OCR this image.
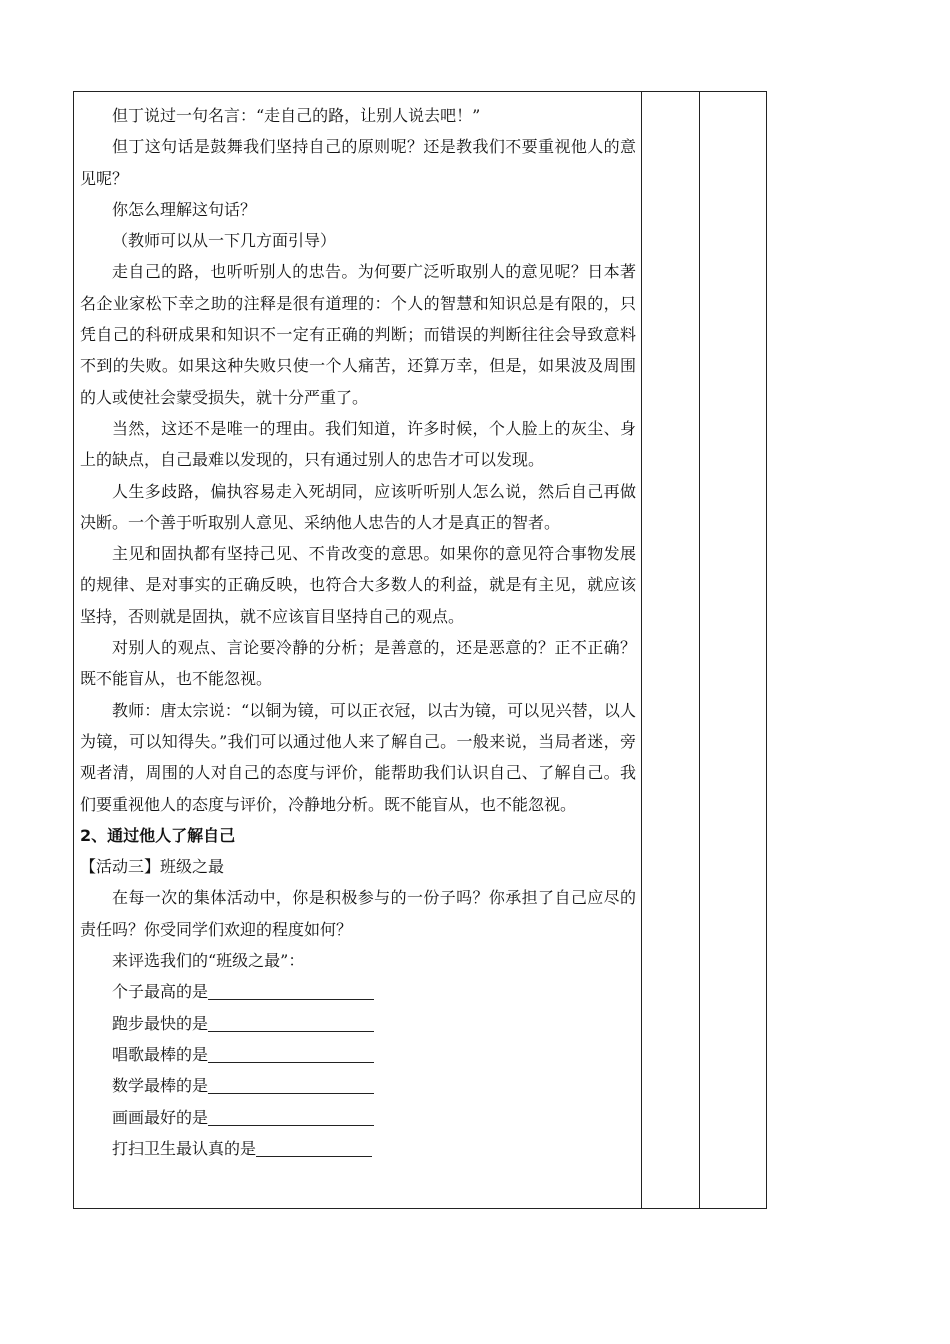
但丁说过一句名言：“走自己的路，让别人说去吧！”

但丁这句话是鼓舞我们坚持自己的原则呢？还是教我们不要重视他人的意见呢？

你怎么理解这句话？

（教师可以从一下几方面引导）

走自己的路，也听听别人的忠告。为何要广泛听取别人的意见呢？日本著名企业家松下幸之助的注释是很有道理的：个人的智慧和知识总是有限的，只凭自己的科研成果和知识不一定有正确的判断；而错误的判断往往会导致意料不到的失败。如果这种失败只使一个人痛苦，还算万幸，但是，如果波及周围的人或使社会蒙受损失，就十分严重了。

当然，这还不是唯一的理由。我们知道，许多时候，个人脸上的灰尘、身上的缺点，自己最难以发现的，只有通过别人的忠告才可以发现。

人生多歧路，偏执容易走入死胡同，应该听听别人怎么说，然后自己再做决断。一个善于听取别人意见、采纳他人忠告的人才是真正的智者。

主见和固执都有坚持己见、不肯改变的意思。如果你的意见符合事物发展的规律、是对事实的正确反映，也符合大多数人的利益，就是有主见，就应该坚持，否则就是固执，就不应该盲目坚持自己的观点。

对别人的观点、言论要冷静的分析；是善意的，还是恶意的？正不正确？既不能盲从，也不能忽视。

教师：唐太宗说：“以铜为镜，可以正衣冠，以古为镜，可以见兴替，以人为镜，可以知得失。”我们可以通过他人来了解自己。一般来说，当局者迷，旁观者清，周围的人对自己的态度与评价，能帮助我们认识自己、了解自己。我们要重视他人的态度与评价，冷静地分析。既不能盲从，也不能忽视。

2、通过他人了解自己

【活动三】班级之最

在每一次的集体活动中，你是积极参与的一份子吗？你承担了自己应尽的责任吗？你受同学们欢迎的程度如何？

来评选我们的“班级之最”：

个子最高的是

跑步最快的是

唱歌最棒的是

数学最棒的是

画画最好的是

打扫卫生最认真的是
